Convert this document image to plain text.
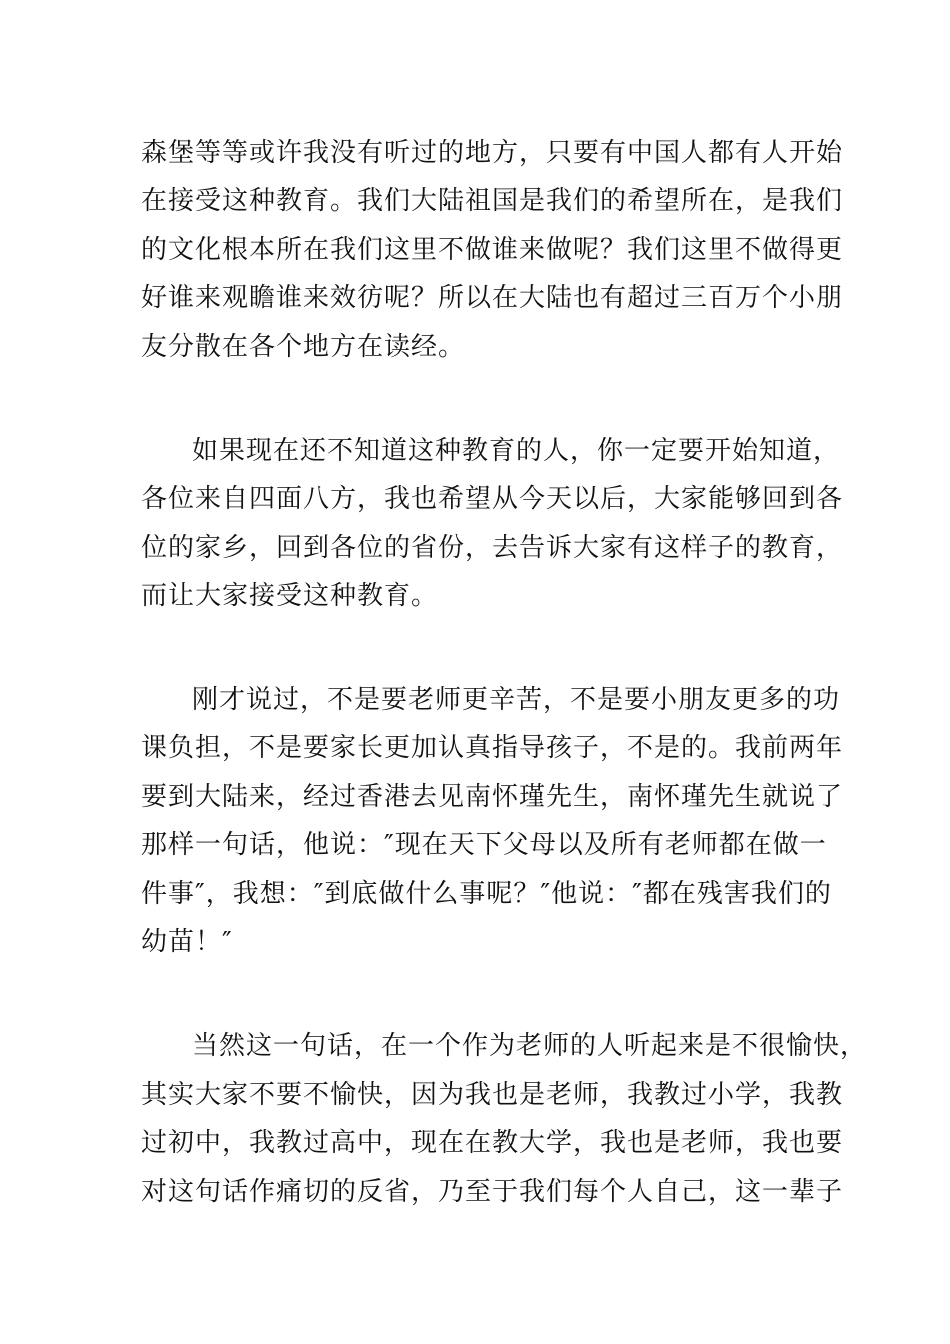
森堡等等或许我没有听过的地方，只要有中国人都有人开始
在接受这种教育。我们大陆祖国是我们的希望所在，是我们
的文化根本所在我们这里不做谁来做呢？我们这里不做得更
好谁来观瞻谁来效彷呢？所以在大陆也有超过三百万个小朋
友分散在各个地方在读经。
如果现在还不知道这种教育的人，你一定要开始知道，
各位来自四面八方，我也希望从今天以后，大家能够回到各
位的家乡，回到各位的省份，去告诉大家有这样子的教育，
而让大家接受这种教育。
刚才说过，不是要老师更辛苦，不是要小朋友更多的功
课负担，不是要家长更加认真指导孩子，不是的。我前两年
要到大陆来，经过香港去见南怀瑾先生，南怀瑾先生就说了
那样一句话，他说：″现在天下父母以及所有老师都在做一
件事″，我想：″到底做什么事呢？″他说：″都在残害我们的
幼苗！″
当然这一句话，在一个作为老师的人听起来是不很愉快，
其实大家不要不愉快，因为我也是老师，我教过小学，我教
过初中，我教过高中，现在在教大学，我也是老师，我也要
对这句话作痛切的反省，乃至于我们每个人自己，这一辈子
